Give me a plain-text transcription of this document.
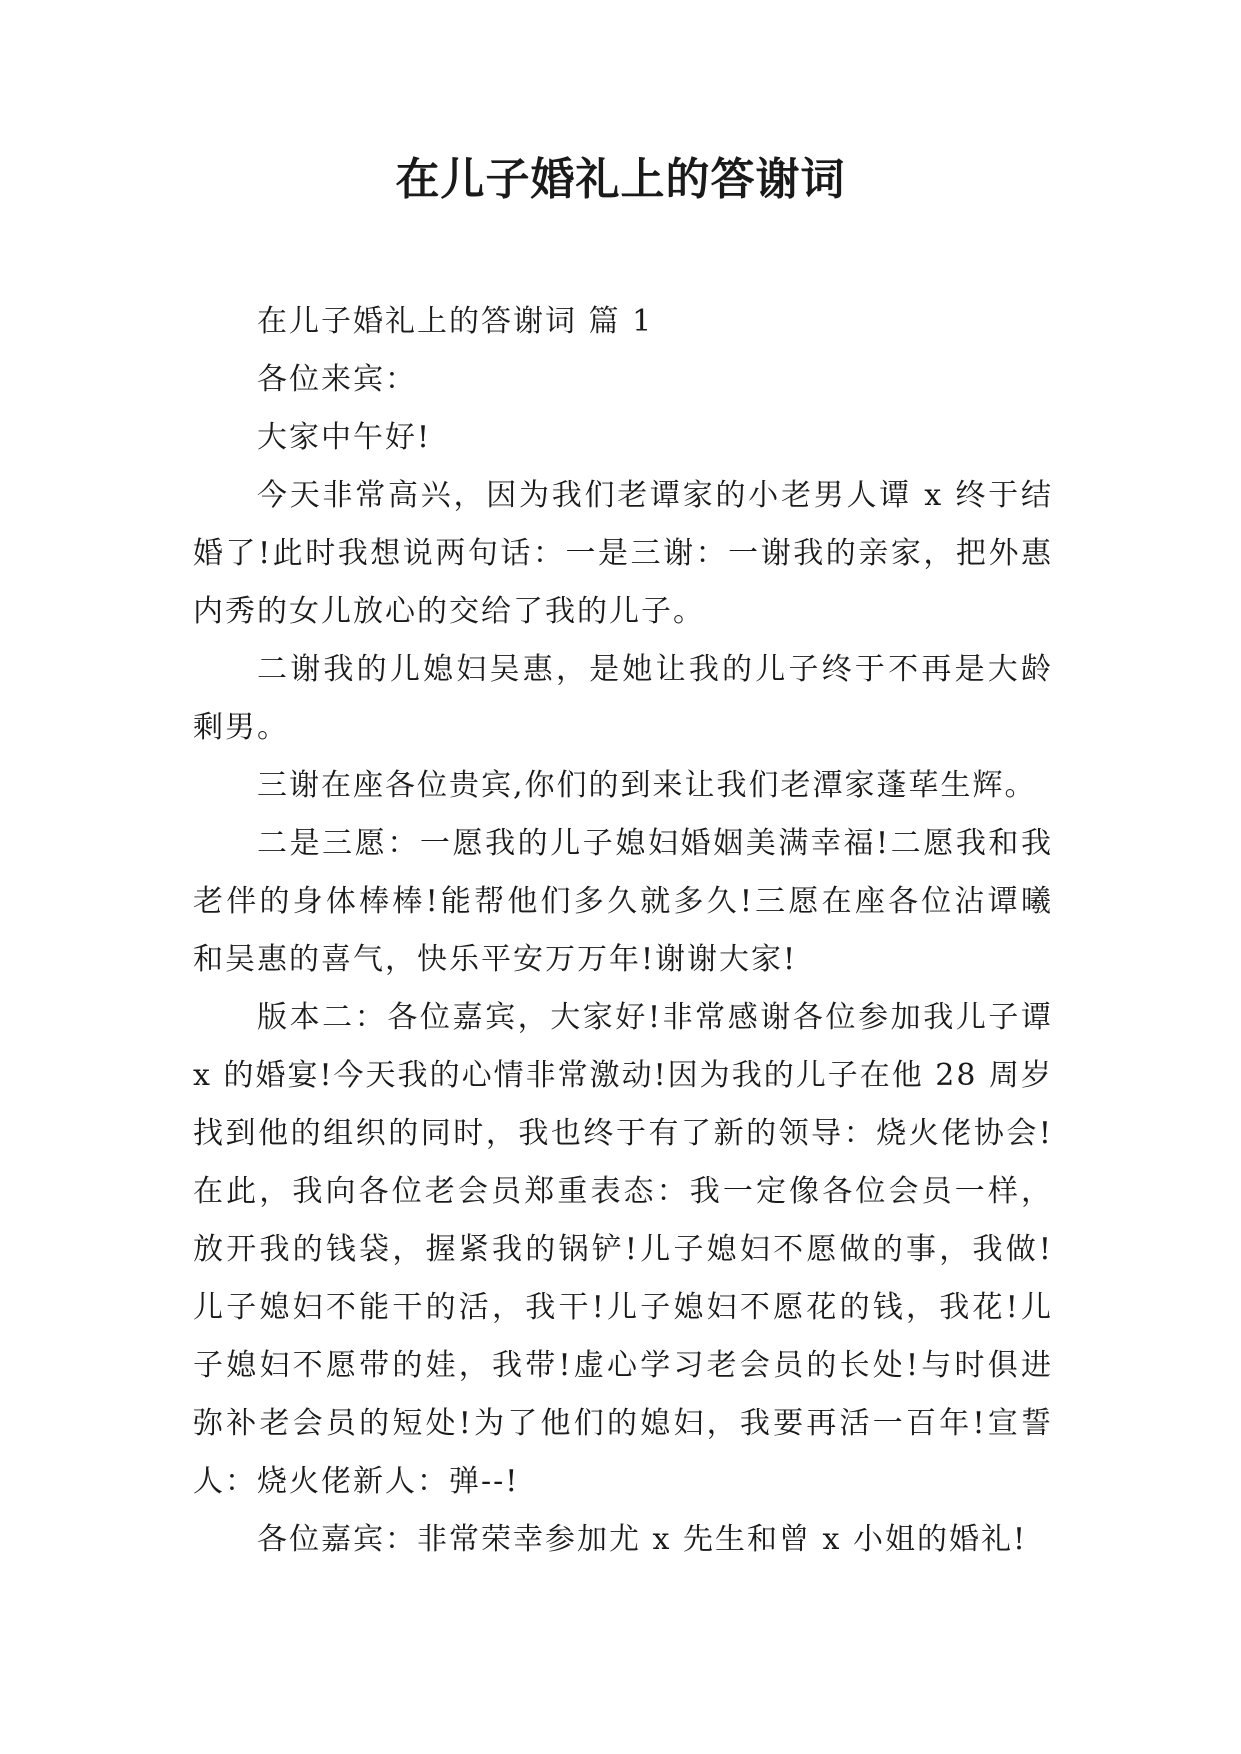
在儿子婚礼上的答谢词

在儿子婚礼上的答谢词 篇 1

各位来宾：

大家中午好!

今天非常高兴，因为我们老谭家的小老男人谭 x 终于结婚了!此时我想说两句话：一是三谢：一谢我的亲家，把外惠内秀的女儿放心的交给了我的儿子。

二谢我的儿媳妇吴惠，是她让我的儿子终于不再是大龄剩男。

三谢在座各位贵宾,你们的到来让我们老潭家蓬荜生辉。

二是三愿：一愿我的儿子媳妇婚姻美满幸福!二愿我和我老伴的身体棒棒!能帮他们多久就多久!三愿在座各位沾谭曦和吴惠的喜气，快乐平安万万年!谢谢大家!

版本二：各位嘉宾，大家好!非常感谢各位参加我儿子谭 x 的婚宴!今天我的心情非常激动!因为我的儿子在他 28 周岁找到他的组织的同时，我也终于有了新的领导：烧火佬协会!在此，我向各位老会员郑重表态：我一定像各位会员一样，放开我的钱袋，握紧我的锅铲!儿子媳妇不愿做的事，我做!儿子媳妇不能干的活，我干!儿子媳妇不愿花的钱，我花!儿子媳妇不愿带的娃，我带!虚心学习老会员的长处!与时俱进弥补老会员的短处!为了他们的媳妇，我要再活一百年!宣誓人：烧火佬新人：弹--!

各位嘉宾：非常荣幸参加尤 x 先生和曾 x 小姐的婚礼!
